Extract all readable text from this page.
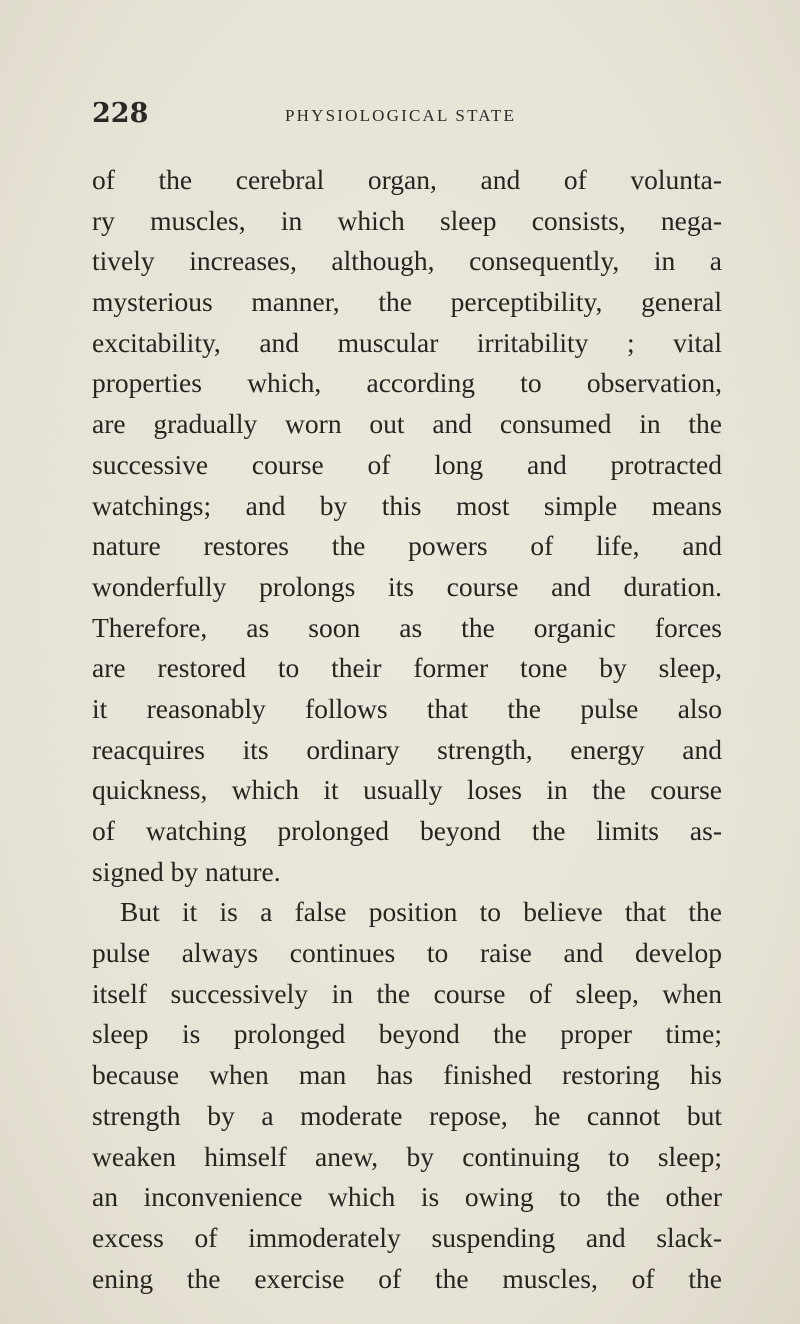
228	PHYSIOLOGICAL STATE
of the cerebral organ, and of volunta-
ry muscles, in which sleep consists, nega-
tively increases, although, consequently, in a
mysterious manner, the perceptibility, general
excitability, and muscular irritability ; vital
properties which, according to observation,
are gradually worn out and consumed in the
successive course of long and protracted
watchings; and by this most simple means
nature restores the powers of life, and
wonderfully prolongs its course and duration.
Therefore, as soon as the organic forces
are restored to their former tone by sleep,
it reasonably follows that the pulse also
reacquires its ordinary strength, energy and
quickness, which it usually loses in the course
of watching prolonged beyond the limits as-
signed by nature.
But it is a false position to believe that the
pulse always continues to raise and develop
itself successively in the course of sleep, when
sleep is prolonged beyond the proper time;
because when man has finished restoring his
strength by a moderate repose, he cannot but
weaken himself anew, by continuing to sleep;
an inconvenience which is owing to the other
excess of immoderately suspending and slack-
ening the exercise of the muscles, of the
